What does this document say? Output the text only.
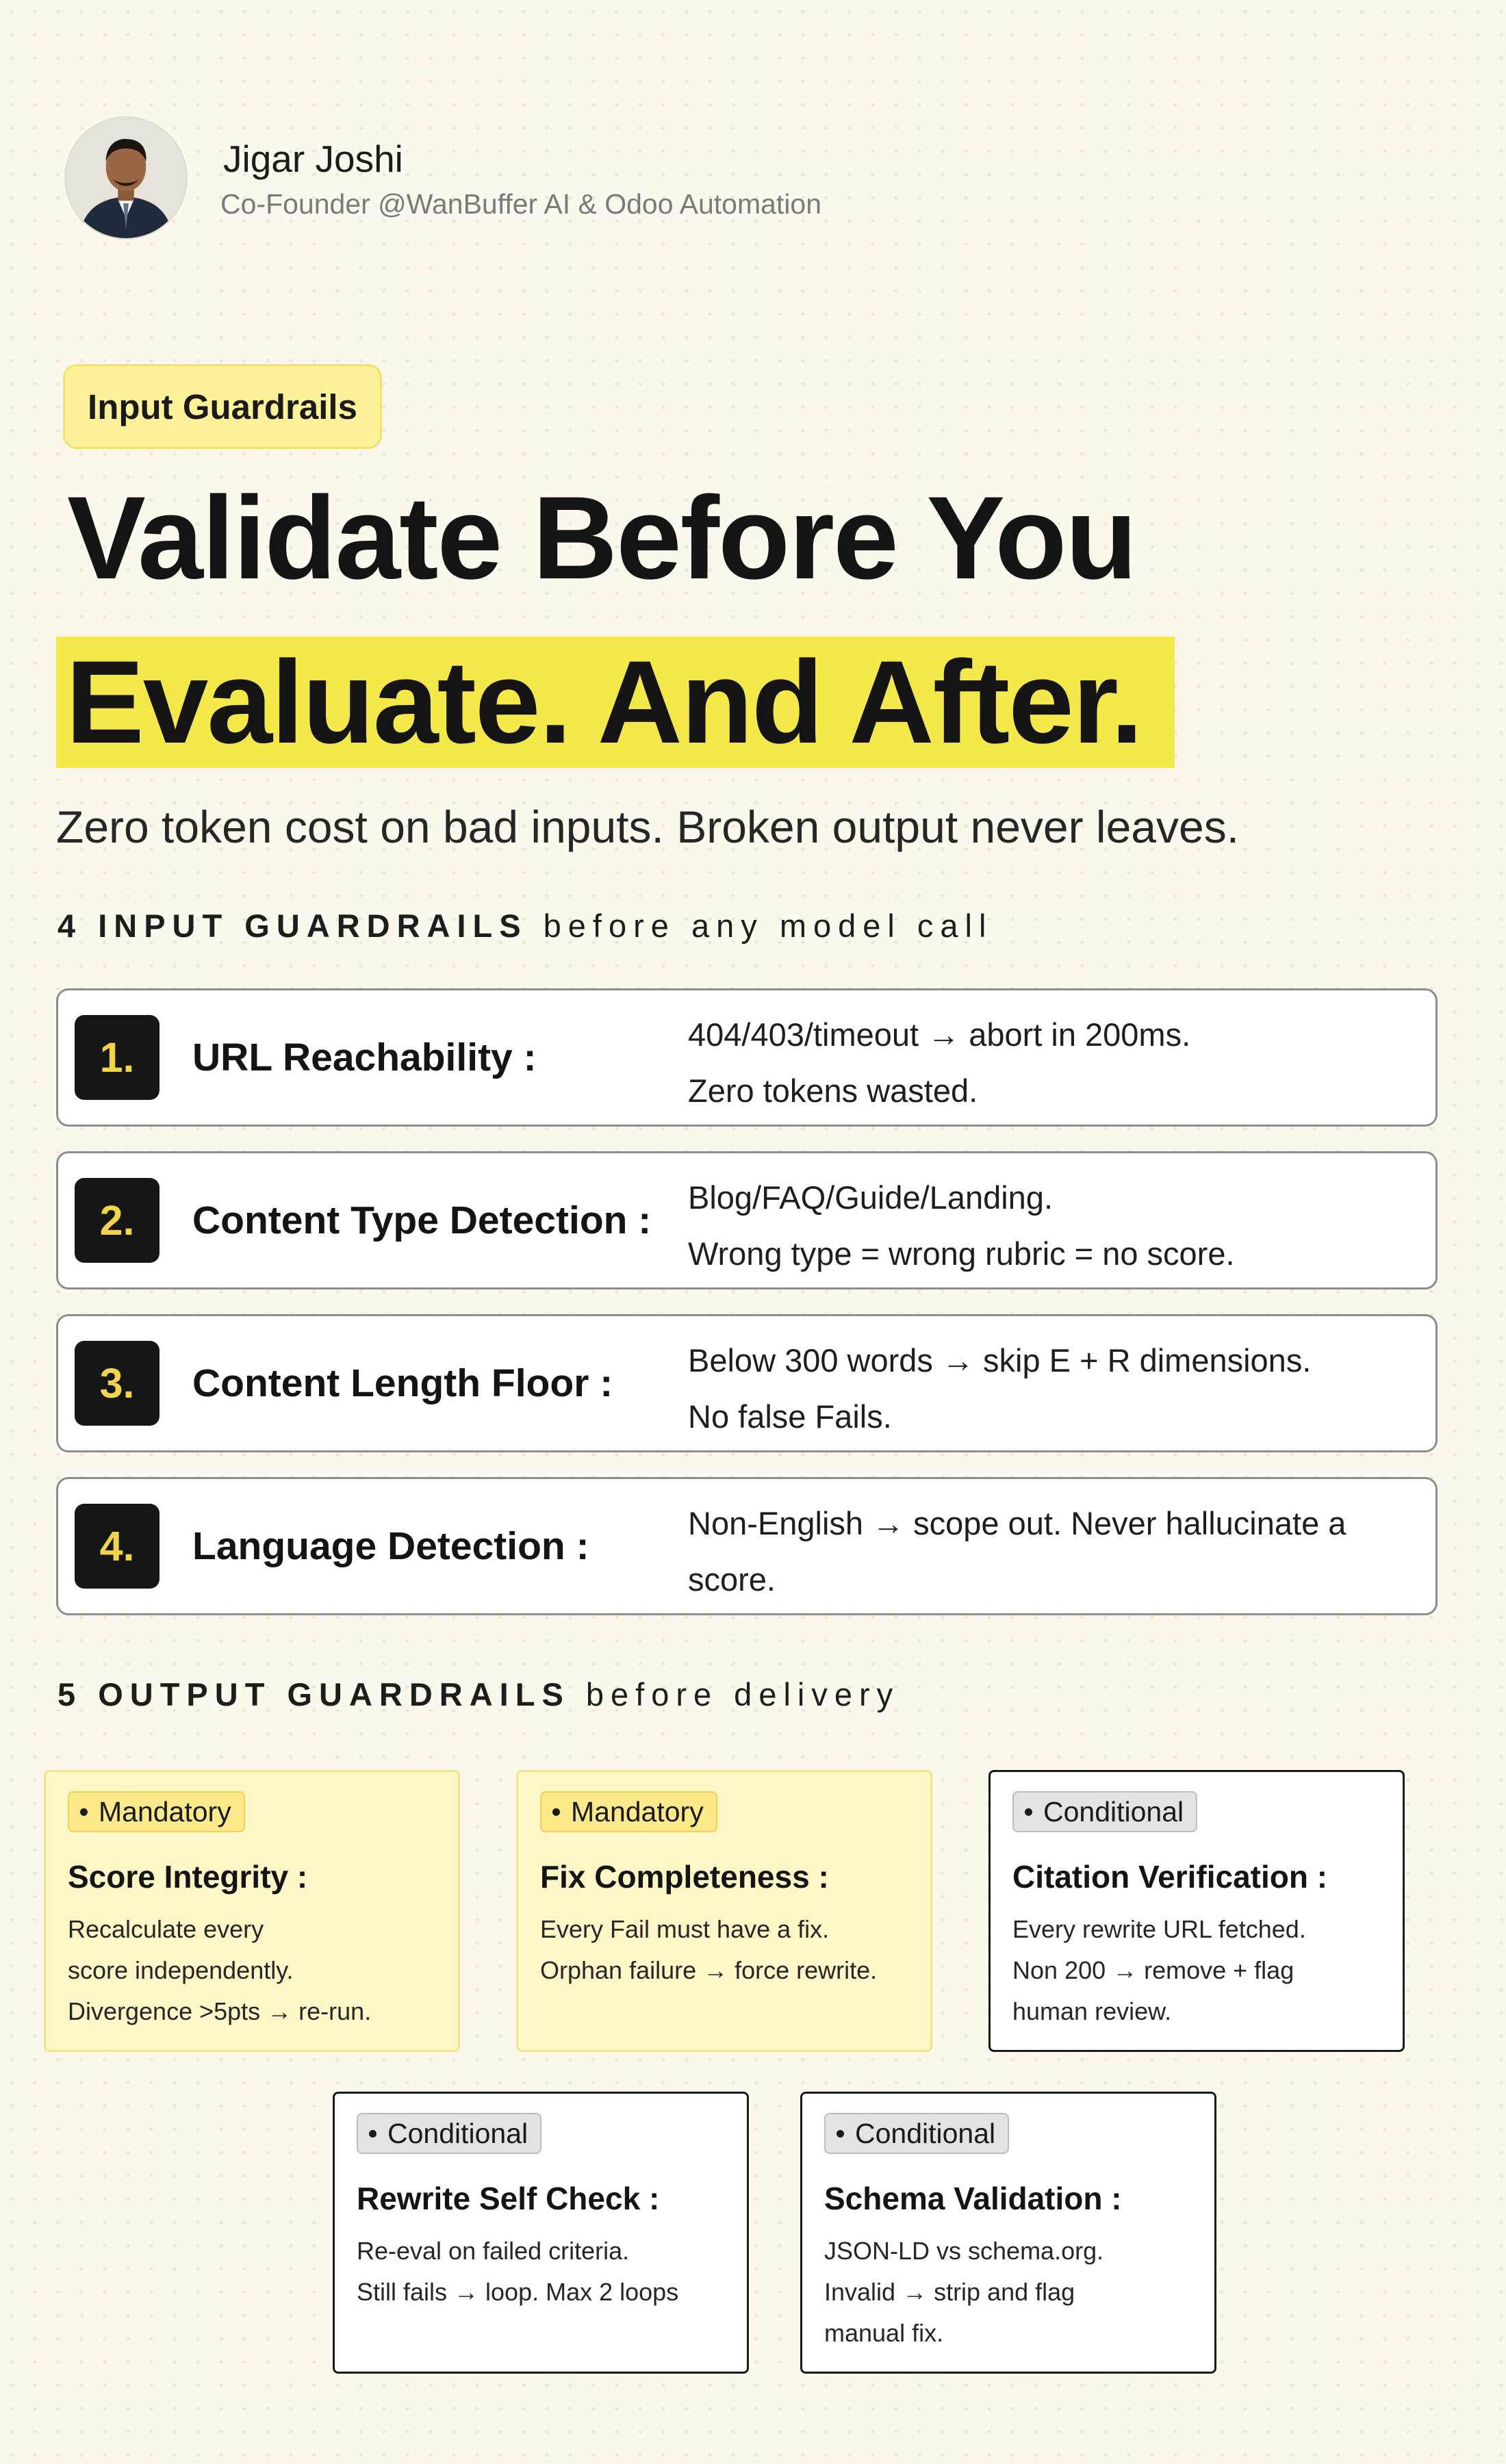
Jigar Joshi
Co-Founder @WanBuffer AI & Odoo Automation
Input Guardrails
Validate Before You
Evaluate. And After.
Zero token cost on bad inputs. Broken output never leaves.
4 INPUT GUARDRAILS before any model call
1.	URL Reachability :
404/403/timeout → abort in 200ms.
Zero tokens wasted.
2.	Content Type Detection :
Blog/FAQ/Guide/Landing.
Wrong type = wrong rubric = no score.
3.	Content Length Floor :
Below 300 words → skip E + R dimensions.
No false Fails.
4.	Language Detection :
Non-English → scope out. Never hallucinate a
score.
5 OUTPUT GUARDRAILS before delivery
Mandatory
Score Integrity :
Recalculate every
score independently.
Divergence >5pts → re-run.
Mandatory
Fix Completeness :
Every Fail must have a fix.
Orphan failure → force rewrite.
Conditional
Citation Verification :
Every rewrite URL fetched.
Non 200 → remove + flag
human review.
Conditional
Rewrite Self Check :
Re-eval on failed criteria.
Still fails → loop. Max 2 loops
Conditional
Schema Validation :
JSON-LD vs schema.org.
Invalid → strip and flag
manual fix.
